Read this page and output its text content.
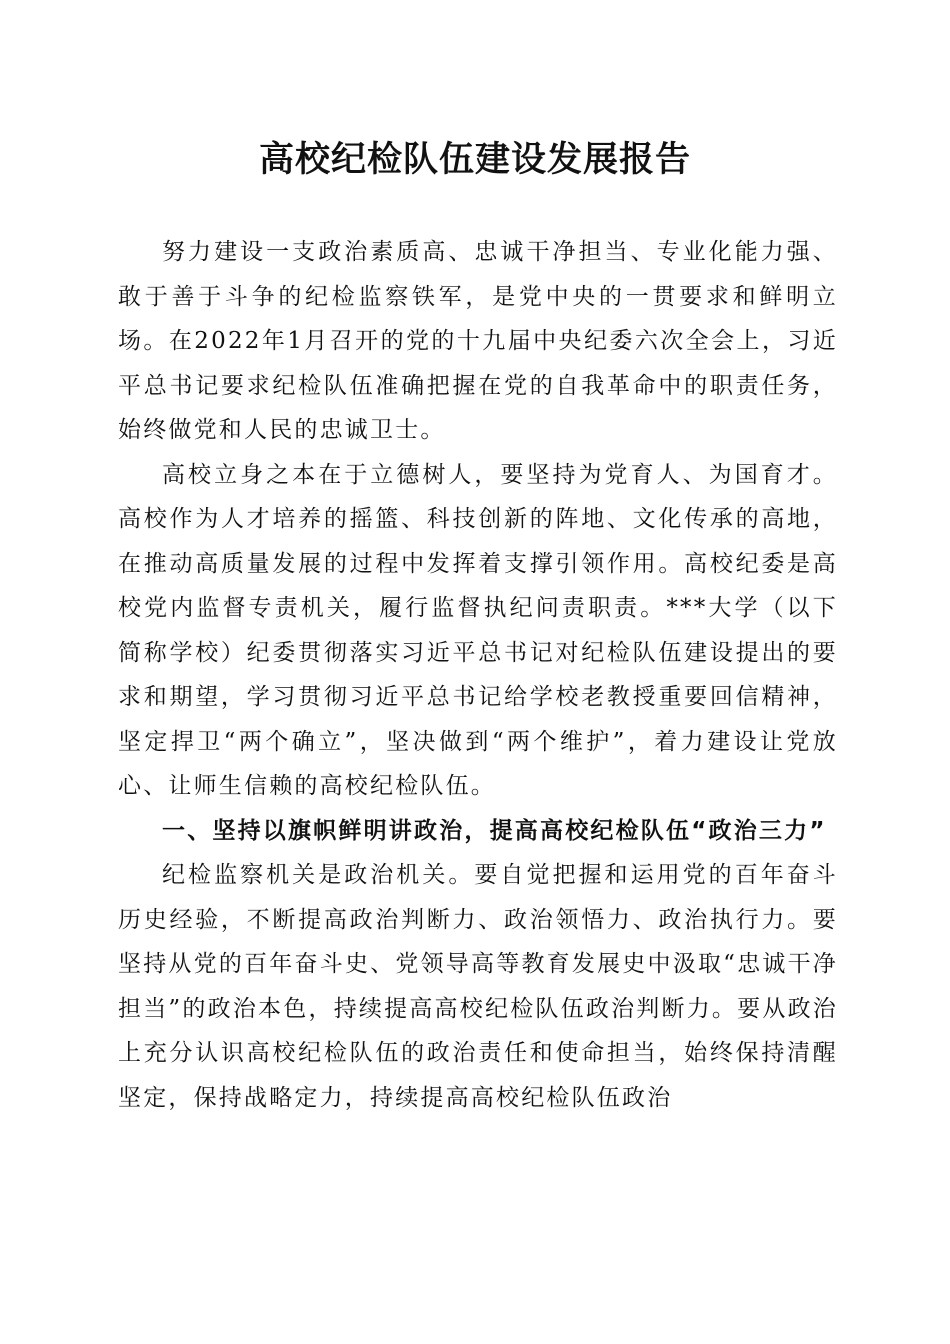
高校纪检队伍建设发展报告

努力建设一支政治素质高、忠诚干净担当、专业化能力强、敢于善于斗争的纪检监察铁军，是党中央的一贯要求和鲜明立场。在2022年1月召开的党的十九届中央纪委六次全会上，习近平总书记要求纪检队伍准确把握在党的自我革命中的职责任务，始终做党和人民的忠诚卫士。

高校立身之本在于立德树人，要坚持为党育人、为国育才。高校作为人才培养的摇篮、科技创新的阵地、文化传承的高地，在推动高质量发展的过程中发挥着支撑引领作用。高校纪委是高校党内监督专责机关，履行监督执纪问责职责。***大学（以下简称学校）纪委贯彻落实习近平总书记对纪检队伍建设提出的要求和期望，学习贯彻习近平总书记给学校老教授重要回信精神，坚定捍卫“两个确立”，坚决做到“两个维护”，着力建设让党放心、让师生信赖的高校纪检队伍。

一、坚持以旗帜鲜明讲政治，提高高校纪检队伍“政治三力”

纪检监察机关是政治机关。要自觉把握和运用党的百年奋斗历史经验，不断提高政治判断力、政治领悟力、政治执行力。要坚持从党的百年奋斗史、党领导高等教育发展史中汲取“忠诚干净担当”的政治本色，持续提高高校纪检队伍政治判断力。要从政治上充分认识高校纪检队伍的政治责任和使命担当，始终保持清醒坚定，保持战略定力，持续提高高校纪检队伍政治
